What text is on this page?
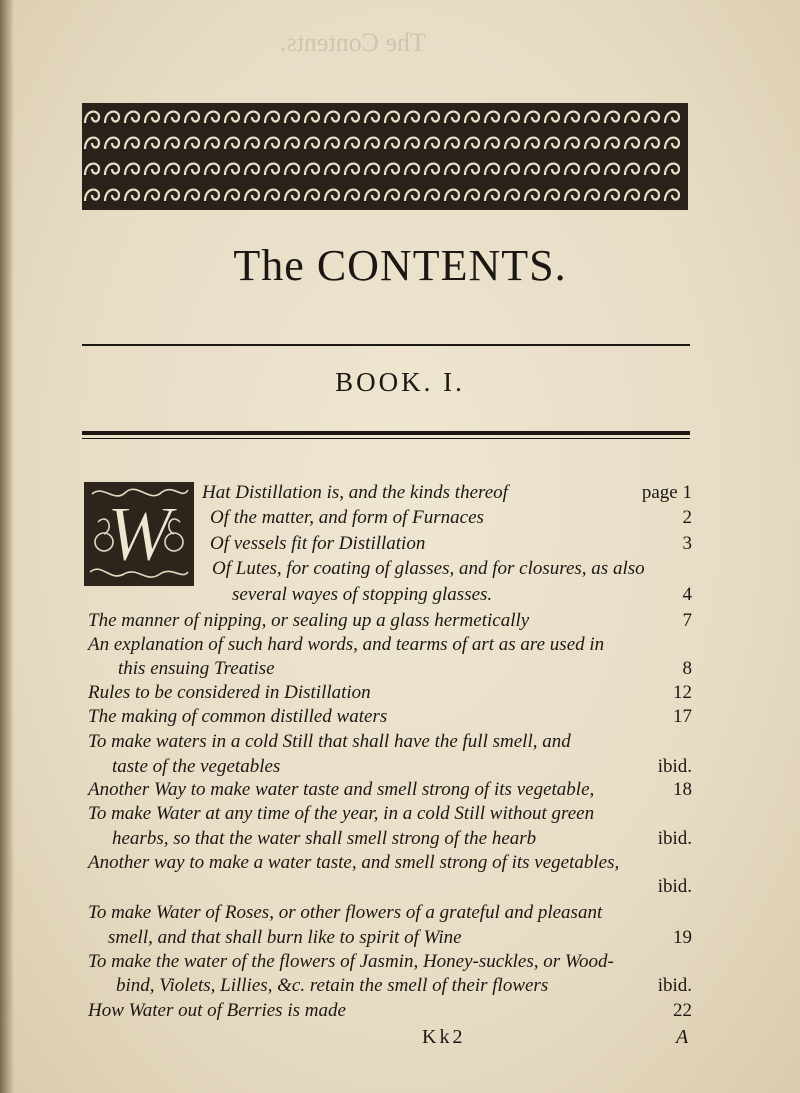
The Contents.
The CONTENTS.
BOOK. I.
W	Hat Distillation is, and the kinds thereof	page 1
Of the matter, and form of Furnaces	2
Of vessels fit for Distillation	3
Of Lutes, for coating of glasses, and for closures, as also
several wayes of stopping glasses.	4
The manner of nipping, or sealing up a glass hermetically	7
An explanation of such hard words, and tearms of art as are used in
this ensuing Treatise	8
Rules to be considered in Distillation	12
The making of common distilled waters	17
To make waters in a cold Still that shall have the full smell, and
taste of the vegetables	ibid.
Another Way to make water taste and smell strong of its vegetable,	18
To make Water at any time of the year, in a cold Still without green
hearbs, so that the water shall smell strong of the hearb	ibid.
Another way to make a water taste, and smell strong of its vegetables,
ibid.
To make Water of Roses, or other flowers of a grateful and pleasant
smell, and that shall burn like to spirit of Wine	19
To make the water of the flowers of Jasmin, Honey-suckles, or Wood-
bind, Violets, Lillies, &c. retain the smell of their flowers	ibid.
How Water out of Berries is made	22
Kk2	A
